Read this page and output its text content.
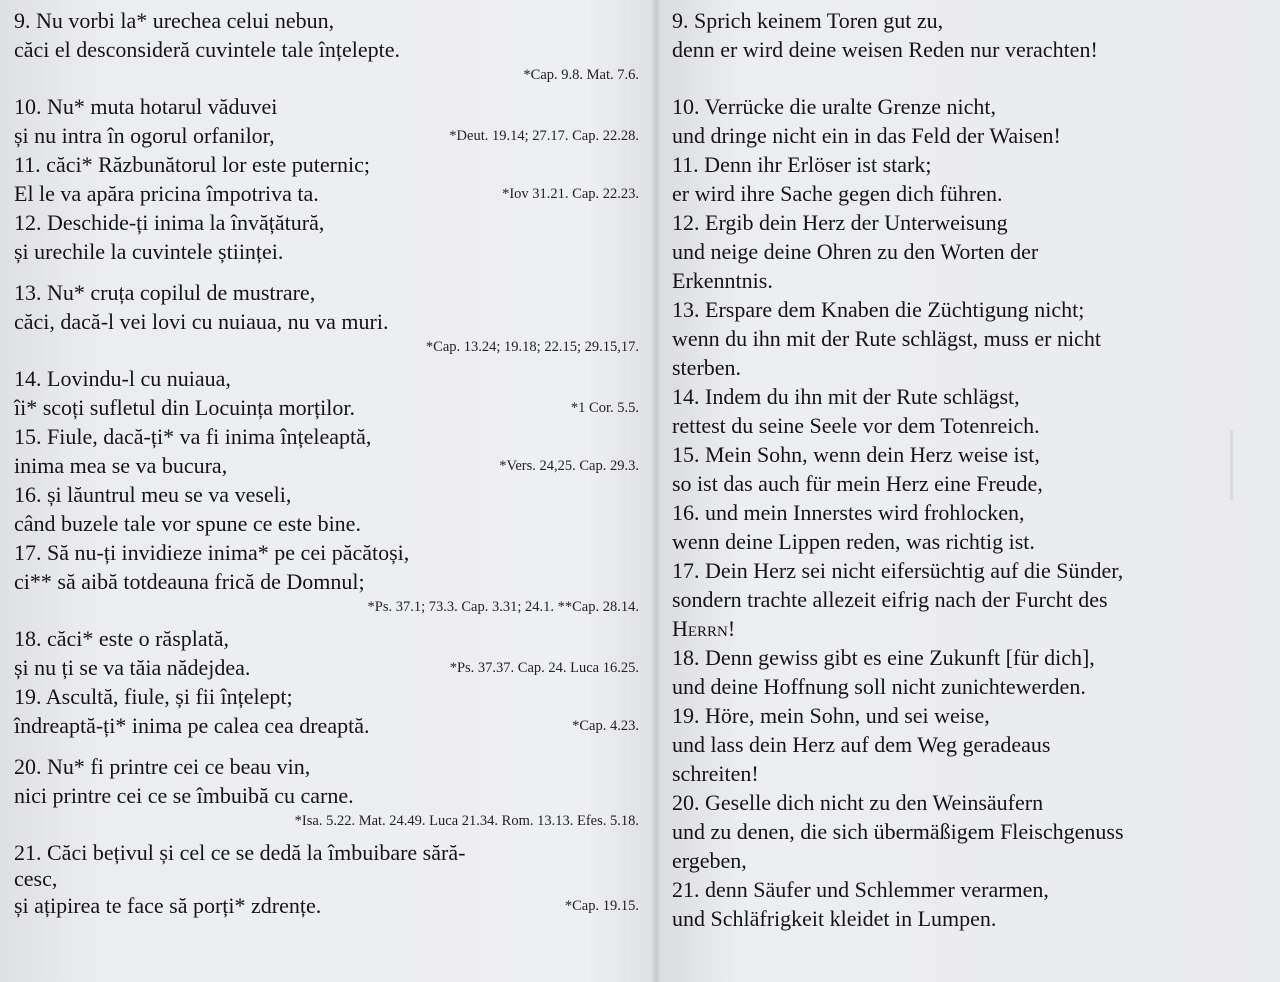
9. Nu vorbi la* urechea celui nebun,
căci el desconsideră cuvintele tale înțelepte.
*Cap. 9.8. Mat. 7.6.
10. Nu* muta hotarul văduvei
și nu intra în ogorul orfanilor,	*Deut. 19.14; 27.17. Cap. 22.28.
11. căci* Răzbunătorul lor este puternic;
El le va apăra pricina împotriva ta.	*Iov 31.21. Cap. 22.23.
12. Deschide-ți inima la învățătură,
și urechile la cuvintele științei.
13. Nu* cruța copilul de mustrare,
căci, dacă-l vei lovi cu nuiaua, nu va muri.
*Cap. 13.24; 19.18; 22.15; 29.15,17.
14. Lovindu-l cu nuiaua,
îi* scoți sufletul din Locuința morților.	*1 Cor. 5.5.
15. Fiule, dacă-ți* va fi inima înțeleaptă,
inima mea se va bucura,	*Vers. 24,25. Cap. 29.3.
16. și lăuntrul meu se va veseli,
când buzele tale vor spune ce este bine.
17. Să nu-ți invidieze inima* pe cei păcătoși,
ci** să aibă totdeauna frică de Domnul;
*Ps. 37.1; 73.3. Cap. 3.31; 24.1. **Cap. 28.14.
18. căci* este o răsplată,
și nu ți se va tăia nădejdea.	*Ps. 37.37. Cap. 24. Luca 16.25.
19. Ascultă, fiule, și fii înțelept;
îndreaptă-ți* inima pe calea cea dreaptă.	*Cap. 4.23.
20. Nu* fi printre cei ce beau vin,
nici printre cei ce se îmbuibă cu carne.
*Isa. 5.22. Mat. 24.49. Luca 21.34. Rom. 13.13. Efes. 5.18.
21. Căci bețivul și cel ce se dedă la îmbuibare sără-
cesc,
și ațipirea te face să porți* zdrențe.	*Cap. 19.15.
9. Sprich keinem Toren gut zu,
denn er wird deine weisen Reden nur verachten!
10. Verrücke die uralte Grenze nicht,
und dringe nicht ein in das Feld der Waisen!
11. Denn ihr Erlöser ist stark;
er wird ihre Sache gegen dich führen.
12. Ergib dein Herz der Unterweisung
und neige deine Ohren zu den Worten der
Erkenntnis.
13. Erspare dem Knaben die Züchtigung nicht;
wenn du ihn mit der Rute schlägst, muss er nicht
sterben.
14. Indem du ihn mit der Rute schlägst,
rettest du seine Seele vor dem Totenreich.
15. Mein Sohn, wenn dein Herz weise ist,
so ist das auch für mein Herz eine Freude,
16. und mein Innerstes wird frohlocken,
wenn deine Lippen reden, was richtig ist.
17. Dein Herz sei nicht eifersüchtig auf die Sünder,
sondern trachte allezeit eifrig nach der Furcht des
Herrn!
18. Denn gewiss gibt es eine Zukunft [für dich],
und deine Hoffnung soll nicht zunichtewerden.
19. Höre, mein Sohn, und sei weise,
und lass dein Herz auf dem Weg geradeaus
schreiten!
20. Geselle dich nicht zu den Weinsäufern
und zu denen, die sich übermäßigem Fleischgenuss
ergeben,
21. denn Säufer und Schlemmer verarmen,
und Schläfrigkeit kleidet in Lumpen.
